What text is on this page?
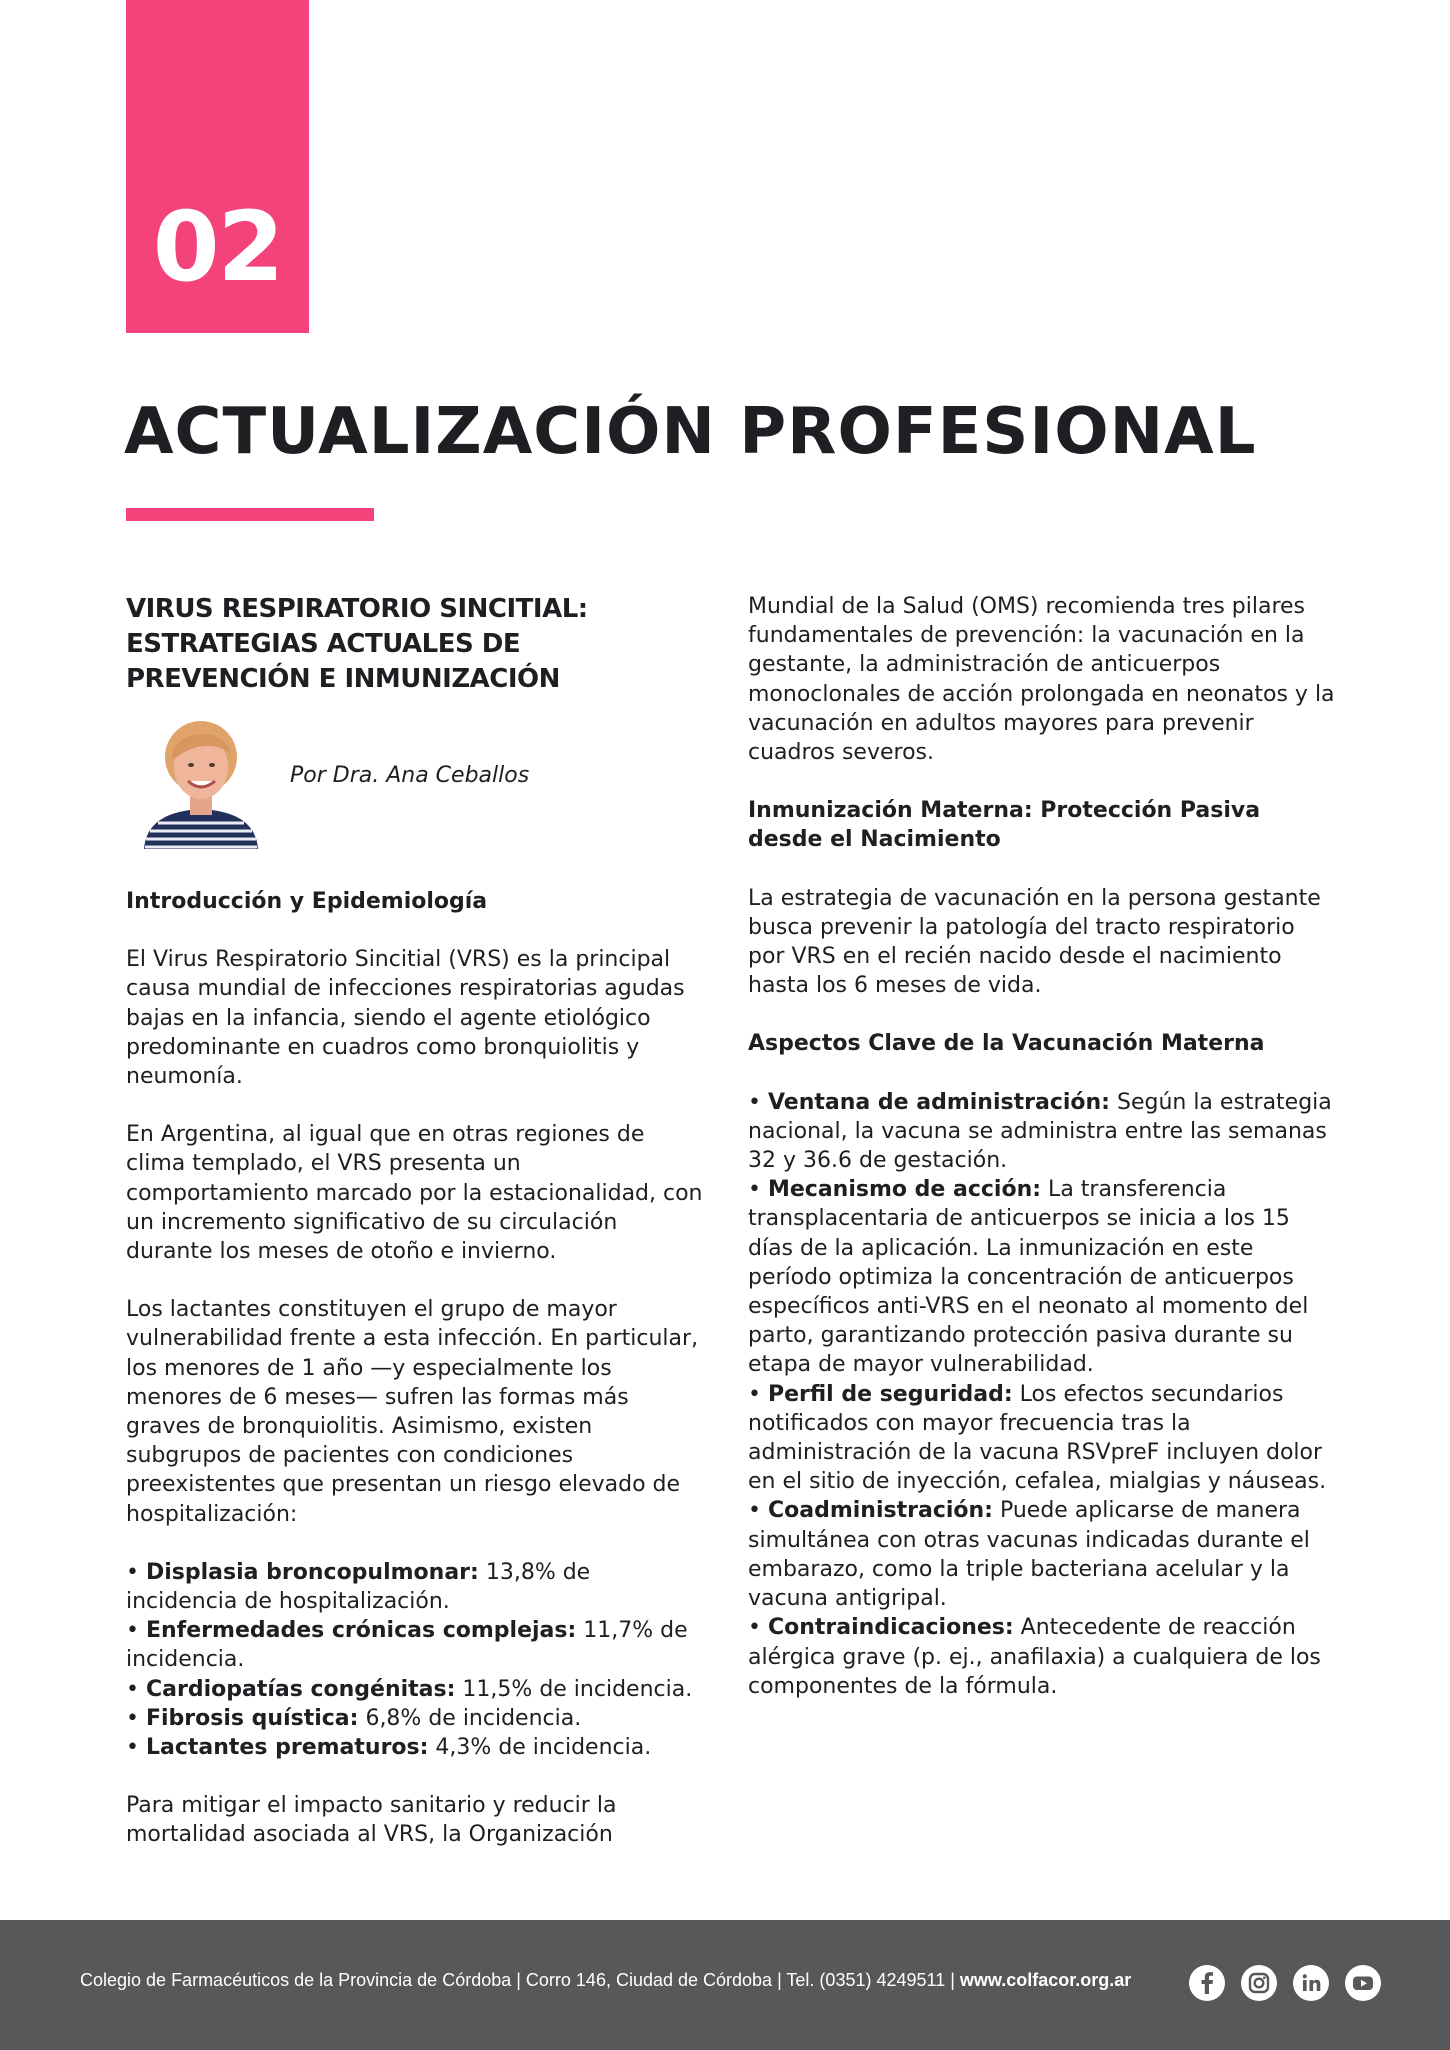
02
ACTUALIZACIÓN PROFESIONAL
VIRUS RESPIRATORIO SINCITIAL:
ESTRATEGIAS ACTUALES DE
PREVENCIÓN E INMUNIZACIÓN
Por Dra. Ana Ceballos

Introducción y Epidemiología

El Virus Respiratorio Sincitial (VRS) es la principal causa mundial de infecciones respiratorias agudas bajas en la infancia, siendo el agente etiológico predominante en cuadros como bronquiolitis y neumonía.

En Argentina, al igual que en otras regiones de clima templado, el VRS presenta un comportamiento marcado por la estacionalidad, con un incremento significativo de su circulación durante los meses de otoño e invierno.

Los lactantes constituyen el grupo de mayor vulnerabilidad frente a esta infección. En particular, los menores de 1 año —y especialmente los menores de 6 meses— sufren las formas más graves de bronquiolitis. Asimismo, existen subgrupos de pacientes con condiciones preexistentes que presentan un riesgo elevado de hospitalización:

• Displasia broncopulmonar: 13,8% de incidencia de hospitalización.
• Enfermedades crónicas complejas: 11,7% de incidencia.
• Cardiopatías congénitas: 11,5% de incidencia.
• Fibrosis quística: 6,8% de incidencia.
• Lactantes prematuros: 4,3% de incidencia.

Para mitigar el impacto sanitario y reducir la mortalidad asociada al VRS, la Organización

Mundial de la Salud (OMS) recomienda tres pilares fundamentales de prevención: la vacunación en la gestante, la administración de anticuerpos monoclonales de acción prolongada en neonatos y la vacunación en adultos mayores para prevenir cuadros severos.

Inmunización Materna: Protección Pasiva desde el Nacimiento

La estrategia de vacunación en la persona gestante busca prevenir la patología del tracto respiratorio por VRS en el recién nacido desde el nacimiento hasta los 6 meses de vida.

Aspectos Clave de la Vacunación Materna

• Ventana de administración: Según la estrategia nacional, la vacuna se administra entre las semanas 32 y 36.6 de gestación.
• Mecanismo de acción: La transferencia transplacentaria de anticuerpos se inicia a los 15 días de la aplicación. La inmunización en este período optimiza la concentración de anticuerpos específicos anti-VRS en el neonato al momento del parto, garantizando protección pasiva durante su etapa de mayor vulnerabilidad.
• Perfil de seguridad: Los efectos secundarios notificados con mayor frecuencia tras la administración de la vacuna RSVpreF incluyen dolor en el sitio de inyección, cefalea, mialgias y náuseas.
• Coadministración: Puede aplicarse de manera simultánea con otras vacunas indicadas durante el embarazo, como la triple bacteriana acelular y la vacuna antigripal.
• Contraindicaciones: Antecedente de reacción alérgica grave (p. ej., anafilaxia) a cualquiera de los componentes de la fórmula.
Colegio de Farmacéuticos de la Provincia de Córdoba | Corro 146, Ciudad de Córdoba | Tel. (0351) 4249511 | www.colfacor.org.ar
